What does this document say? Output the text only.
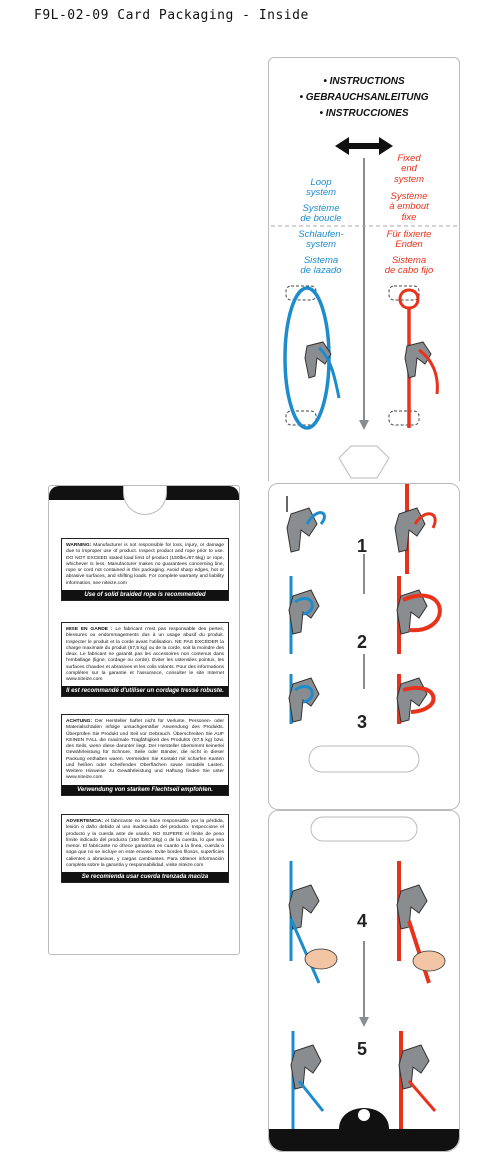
F9L-02-09 Card Packaging - Inside
WARNING: Manufacturer is not responsible for loss, injury, or damage due to improper use of product. Inspect product and rope prior to use. DO NOT EXCEED stated load limit of product (150lbs./67.5kg) or rope, whichever is less. Manufacturer makes no guarantees concerning line, rope or cord not contained in this packaging. Avoid sharp edges, hot or abrasive surfaces, and shifting loads. For complete warranty and liability information, see niteize.com
Use of solid braided rope is recommended
MISE EN GARDE : Le fabricant n'est pas responsable des pertes, blessures ou endommagements dus à un usage abusif du produit. Inspecter le produit et la corde avant l'utilisation. NE PAS EXCÉDER la charge maximale du produit (67,5 kg) ou de la corde, soit la moindre des deux. Le fabricant ne garantit pas les accessoires non contenus dans l'emballage (ligne, cordage ou corde). Éviter les ustensiles pointus, les surfaces chaudes et abrasives et les colis volants. Pour des informations complètes sur la garantie et l'assurance, consulter le site Internet www.niteize.com
Il est recommandé d'utiliser un cordage tressé robuste.
ACHTUNG: Der Hersteller haftet nicht für Verluste, Personen- oder Materialschäden infolge unsachgemäßer Anwendung des Produkts. Überprüfen Sie Produkt und Seil vor Gebrauch. Überschreiten Sie AUF KEINEN FALL die maximale Tragfähigkeit des Produkts (67,5 kg) bzw. des Seils, wenn diese darunter liegt. Der Hersteller übernimmt keinerlei Gewährleistung für Schnüre, Seile oder Bänder, die nicht in dieser Packung enthalten waren. Vermeiden Sie Kontakt mit scharfen Kanten und heißen oder scheifenden Oberflächen sowie instabile Lasten. Weitere Hinweise zu Gewährleistung und Haftung finden Sie unter www.niteize.com
Verwendung von starkem Flechtseil empfohlen.
ADVERTENCIA: el fabricante no se hace responsable por la pérdida, lesión o daño debido al uso inadecuado del producto. Inspeccione el producto y la cuerda ante de usarlo. NO SUPERE el límite de peso límite indicado del producto (150 lb/67,5kg) o de la cuerda, lo que sea menor. El fabricante no ofrece garantías en cuanto a la línea, cuerda o soga que no se incluye en este envase. Evite bordes filosos, superficies calientes o abrasivas, y cargas cambiantes. Para obtener información completa sobre la garantía y responsabilidad, visite niteize.com
Se recomienda usar cuerda trenzada maciza
• INSTRUCTIONS
• GEBRAUCHSANLEITUNG
• INSTRUCCIONES
Loop
system
Système
de boucle
Schlaufen-
system
Sistema
de lazado
Fixed
end
system
Système
à embout
fixe
Für fixierte
Enden
Sistema
de cabo fijo
1
2
3
4
5
